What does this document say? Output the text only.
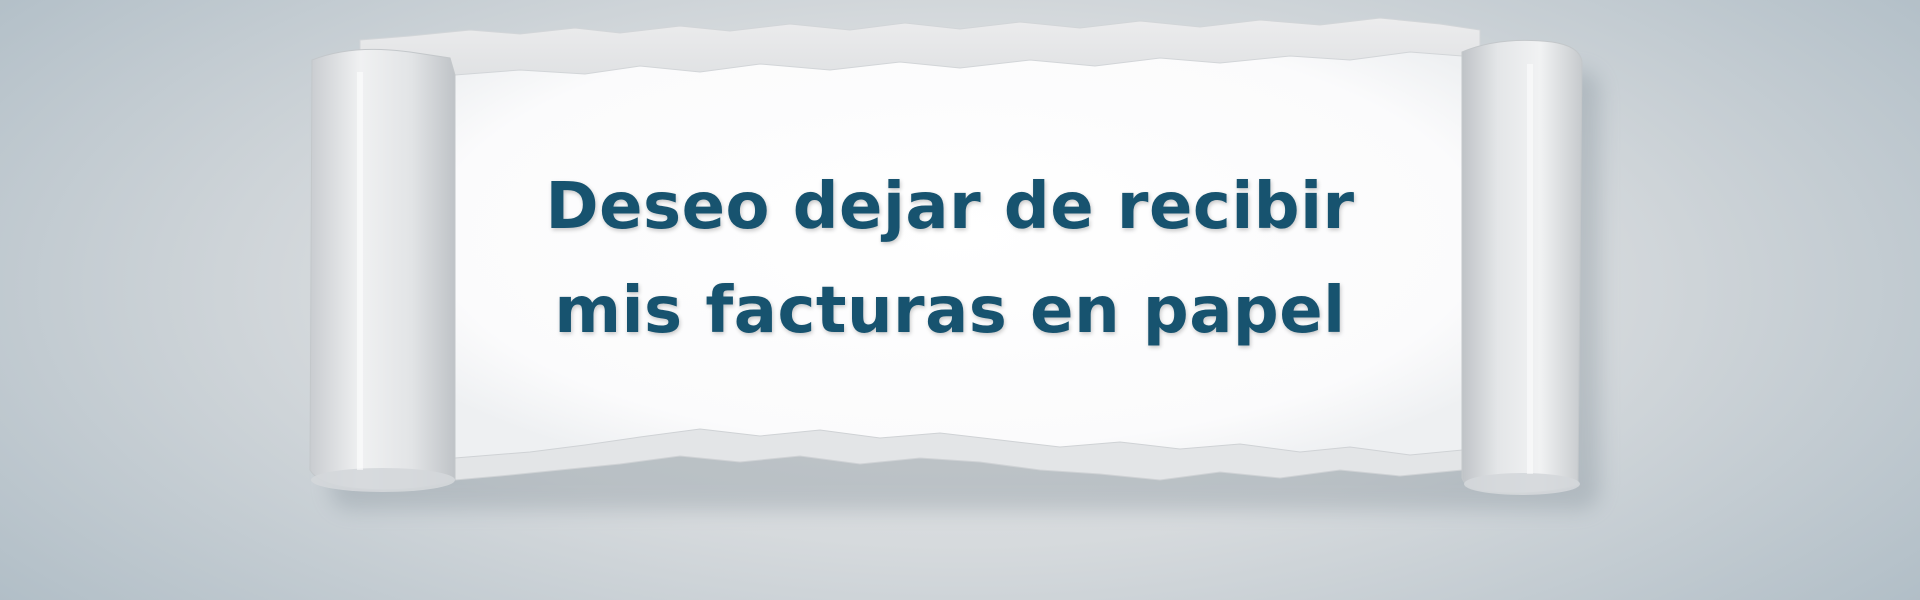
Deseo dejar de recibir
mis facturas en papel
